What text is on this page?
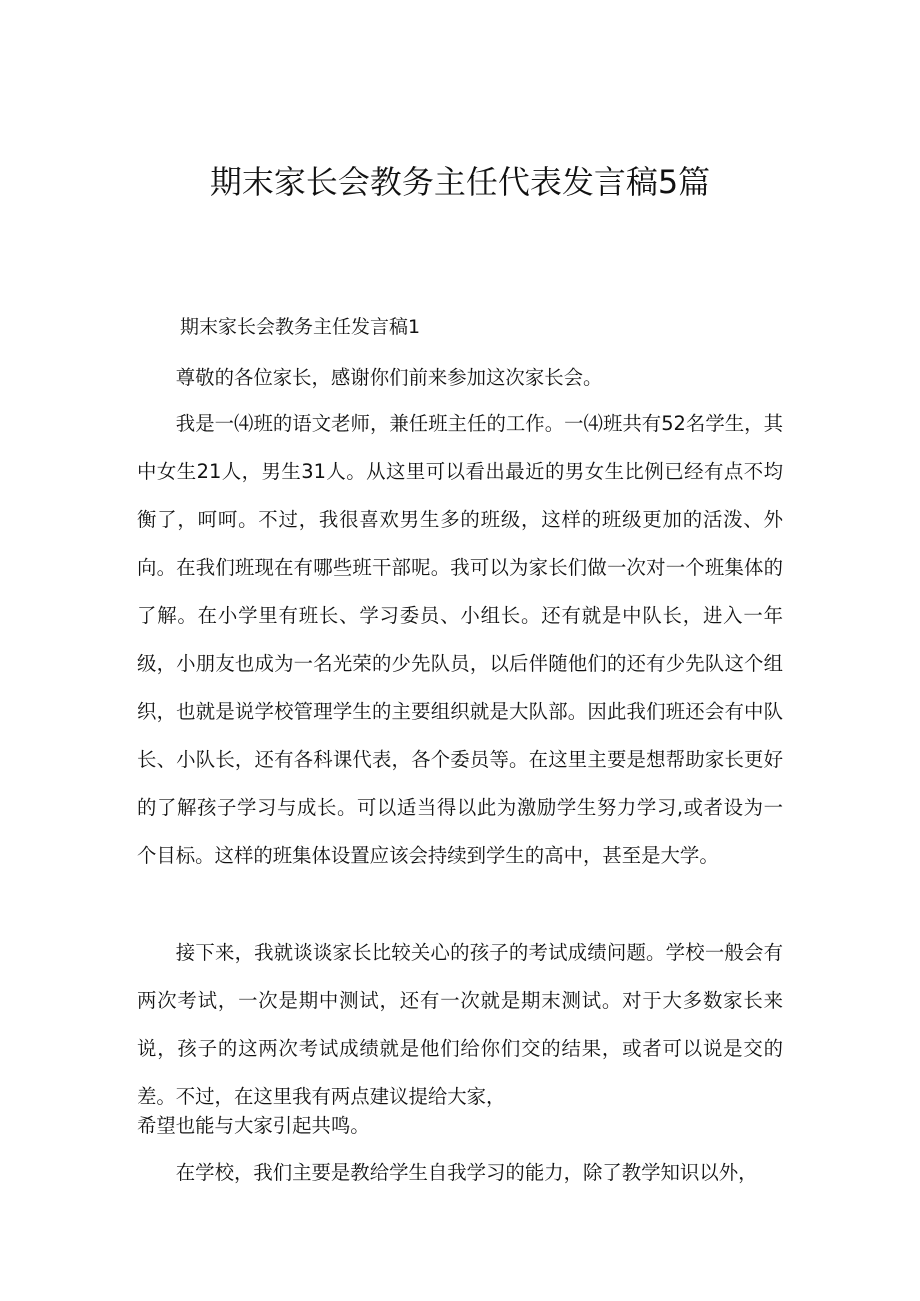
期末家长会教务主任代表发言稿5篇
期末家长会教务主任发言稿1

尊敬的各位家长，感谢你们前来参加这次家长会。

我是一⑷班的语文老师，兼任班主任的工作。一⑷班共有52名学生，其中女生21人，男生31人。从这里可以看出最近的男女生比例已经有点不均衡了，呵呵。不过，我很喜欢男生多的班级，这样的班级更加的活泼、外向。在我们班现在有哪些班干部呢。我可以为家长们做一次对一个班集体的了解。在小学里有班长、学习委员、小组长。还有就是中队长，进入一年级，小朋友也成为一名光荣的少先队员，以后伴随他们的还有少先队这个组织，也就是说学校管理学生的主要组织就是大队部。因此我们班还会有中队长、小队长，还有各科课代表，各个委员等。在这里主要是想帮助家长更好的了解孩子学习与成长。可以适当得以此为激励学生努力学习,或者设为一个目标。这样的班集体设置应该会持续到学生的高中，甚至是大学。

接下来，我就谈谈家长比较关心的孩子的考试成绩问题。学校一般会有两次考试，一次是期中测试，还有一次就是期末测试。对于大多数家长来说，孩子的这两次考试成绩就是他们给你们交的结果，或者可以说是交的差。不过，在这里我有两点建议提给大家，

希望也能与大家引起共鸣。

在学校，我们主要是教给学生自我学习的能力，除了教学知识以外，
